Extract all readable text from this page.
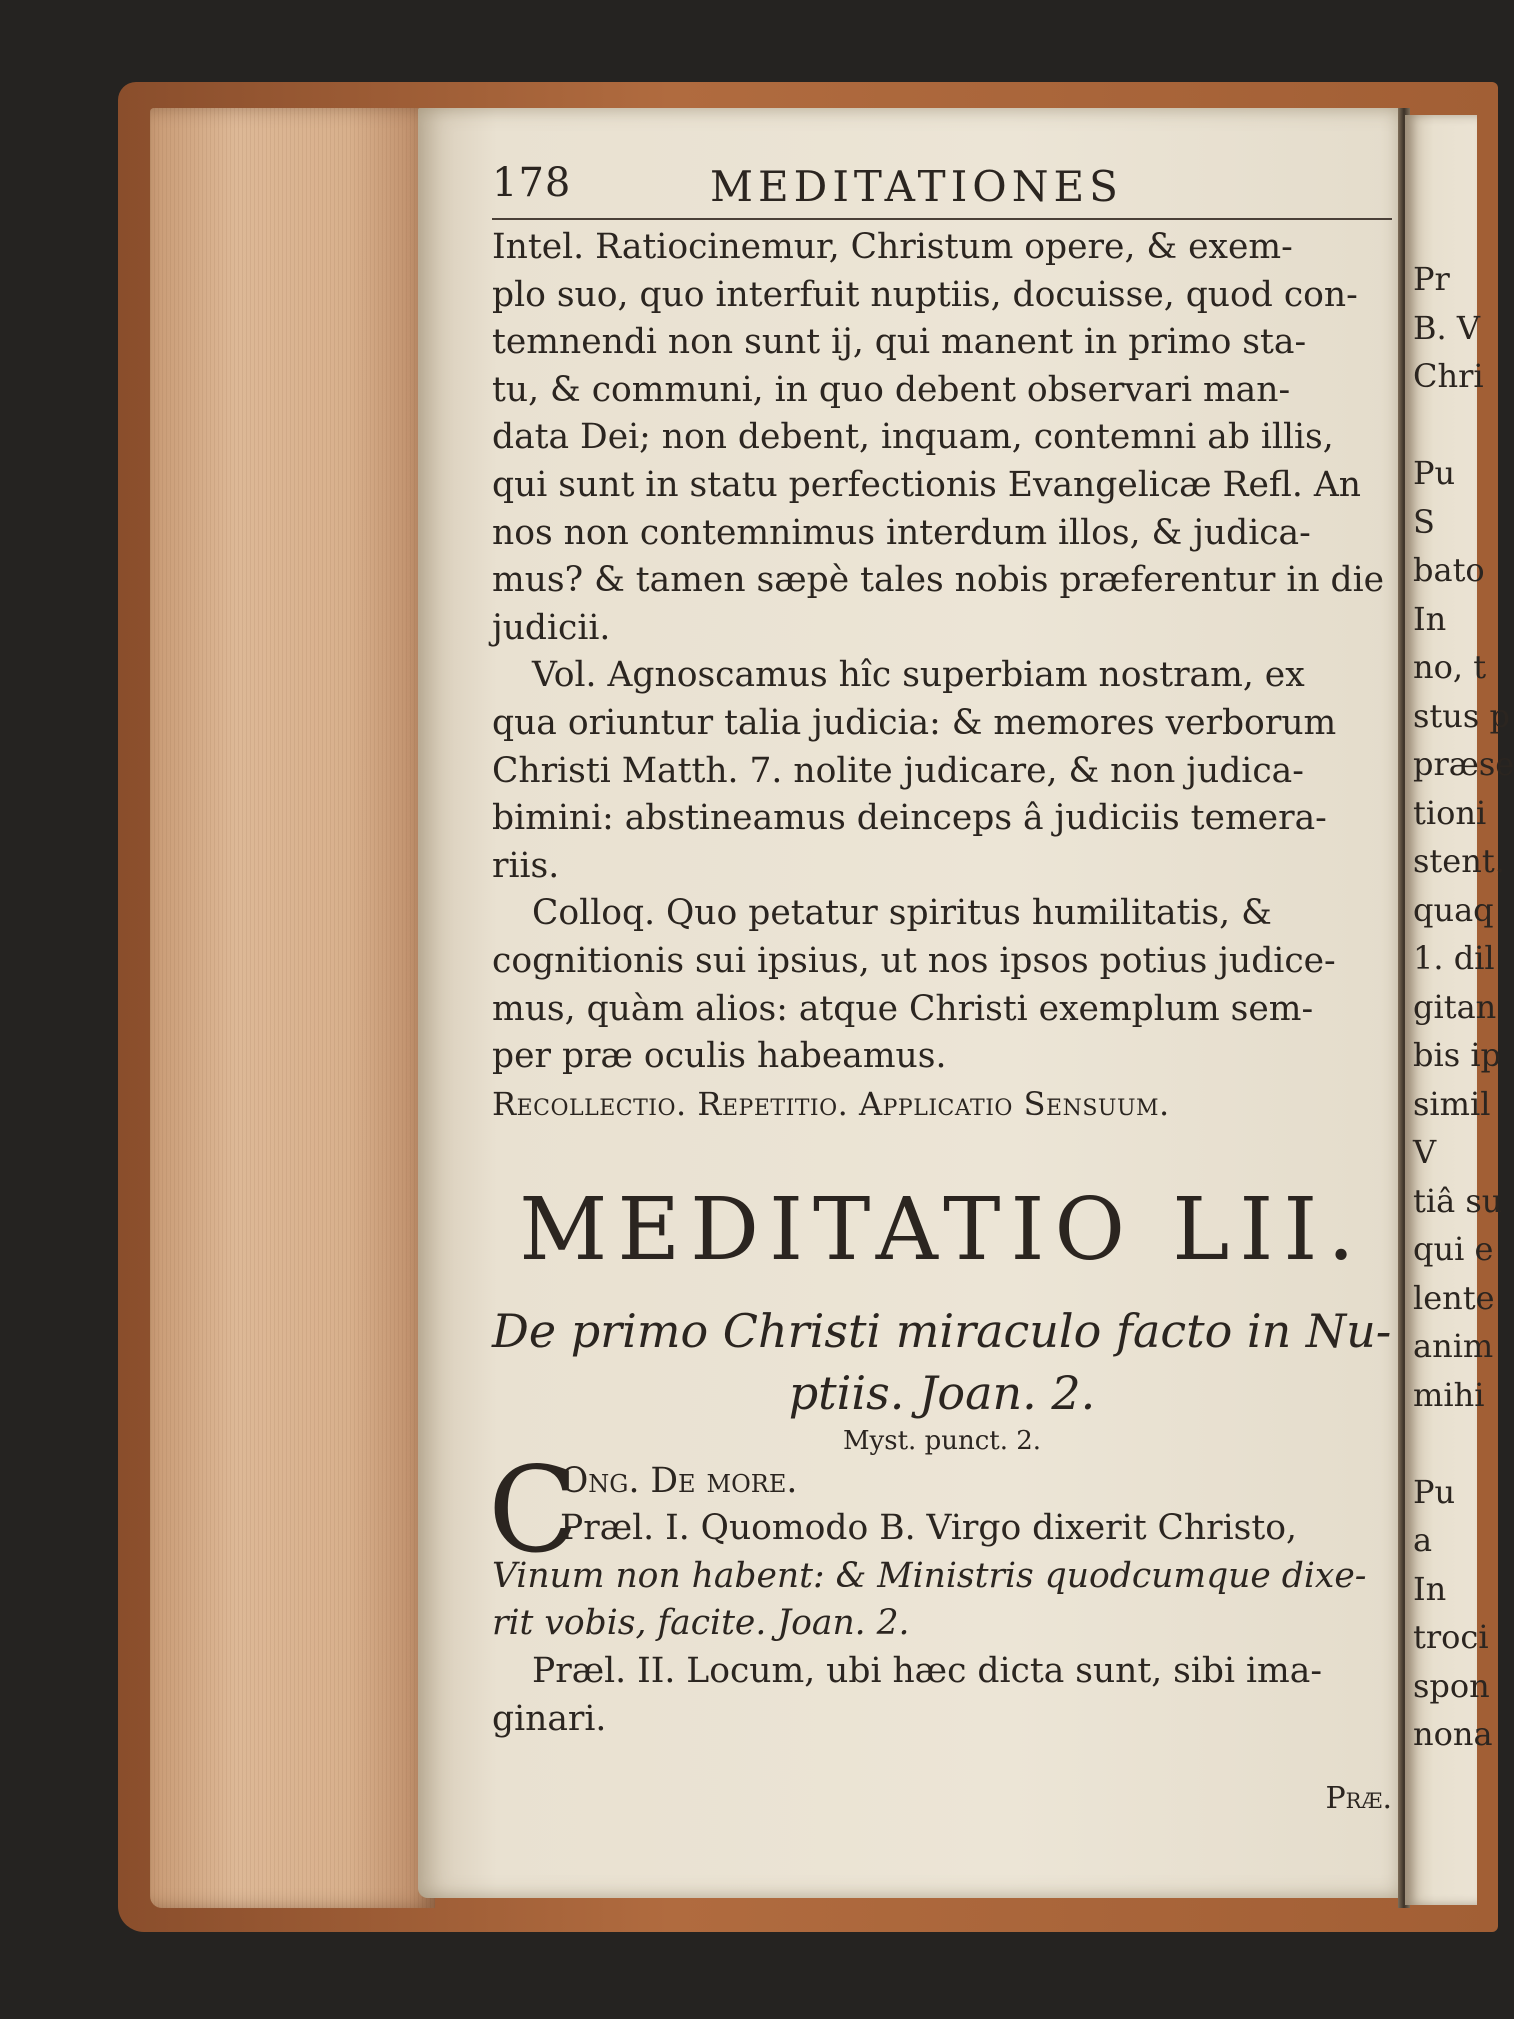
Pr
B. V
Chri
Pu
S
bato
In
no, t
stus p
præse
tioni
stent.
quaq
1. dil
gitan
bis ip
simil
V
tiâ su
qui e
lente
anim
mihi
Pu
a
In
troci
spon
nona
178	MEDITATIONES
Intel. Ratiocinemur, Christum opere, & exem-
plo suo, quo interfuit nuptiis, docuisse, quod con-
temnendi non sunt ij, qui manent in primo sta-
tu, & communi, in quo debent observari man-
data Dei; non debent, inquam, contemni ab illis,
qui sunt in statu perfectionis Evangelicæ Refl. An
nos non contemnimus interdum illos, & judica-
mus? & tamen sæpè tales nobis præferentur in die
judicii.
Vol. Agnoscamus hîc superbiam nostram, ex
qua oriuntur talia judicia: & memores verborum
Christi Matth. 7. nolite judicare, & non judica-
bimini: abstineamus deinceps â judiciis temera-
riis.
Colloq. Quo petatur spiritus humilitatis, &
cognitionis sui ipsius, ut nos ipsos potius judice-
mus, quàm alios: atque Christi exemplum sem-
per præ oculis habeamus.
Recollectio. Repetitio. Applicatio Sensuum.
MEDITATIO LII.
De primo Christi miraculo facto in Nu-
ptiis. Joan. 2.
Myst. punct. 2.
C
Ong. De more.
Præl. I. Quomodo B. Virgo dixerit Christo,
Vinum non habent: & Ministris quodcumque dixe-
rit vobis, facite. Joan. 2.
Præl. II. Locum, ubi hæc dicta sunt, sibi ima-
ginari.
Præ.
